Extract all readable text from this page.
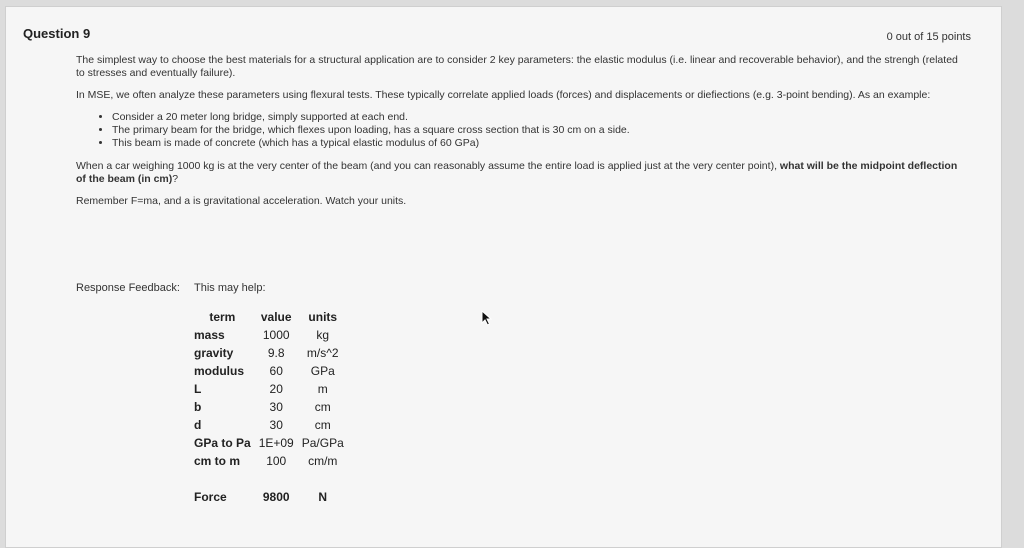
Question 9	0 out of 15 points

The simplest way to choose the best materials for a structural application are to consider 2 key parameters: the elastic modulus (i.e. linear and recoverable behavior), and the strengh (related to stresses and eventually failure).

In MSE, we often analyze these parameters using flexural tests. These typically correlate applied loads (forces) and displacements or diefiections (e.g. 3-point bending). As an example:

• Consider a 20 meter long bridge, simply supported at each end.
• The primary beam for the bridge, which flexes upon loading, has a square cross section that is 30 cm on a side.
• This beam is made of concrete (which has a typical elastic modulus of 60 GPa)

When a car weighing 1000 kg is at the very center of the beam (and you can reasonably assume the entire load is applied just at the very center point), what will be the midpoint deflection of the beam (in cm)?

Remember F=ma, and a is gravitational acceleration. Watch your units.

Response Feedback: This may help:
term	value	units
mass	1000	kg
gravity	9.8	m/s^2
modulus	60	GPa
L	20	m
b	30	cm
d	30	cm
GPa to Pa	1E+09	Pa/GPa
cm to m	100	cm/m

Force	9800	N
